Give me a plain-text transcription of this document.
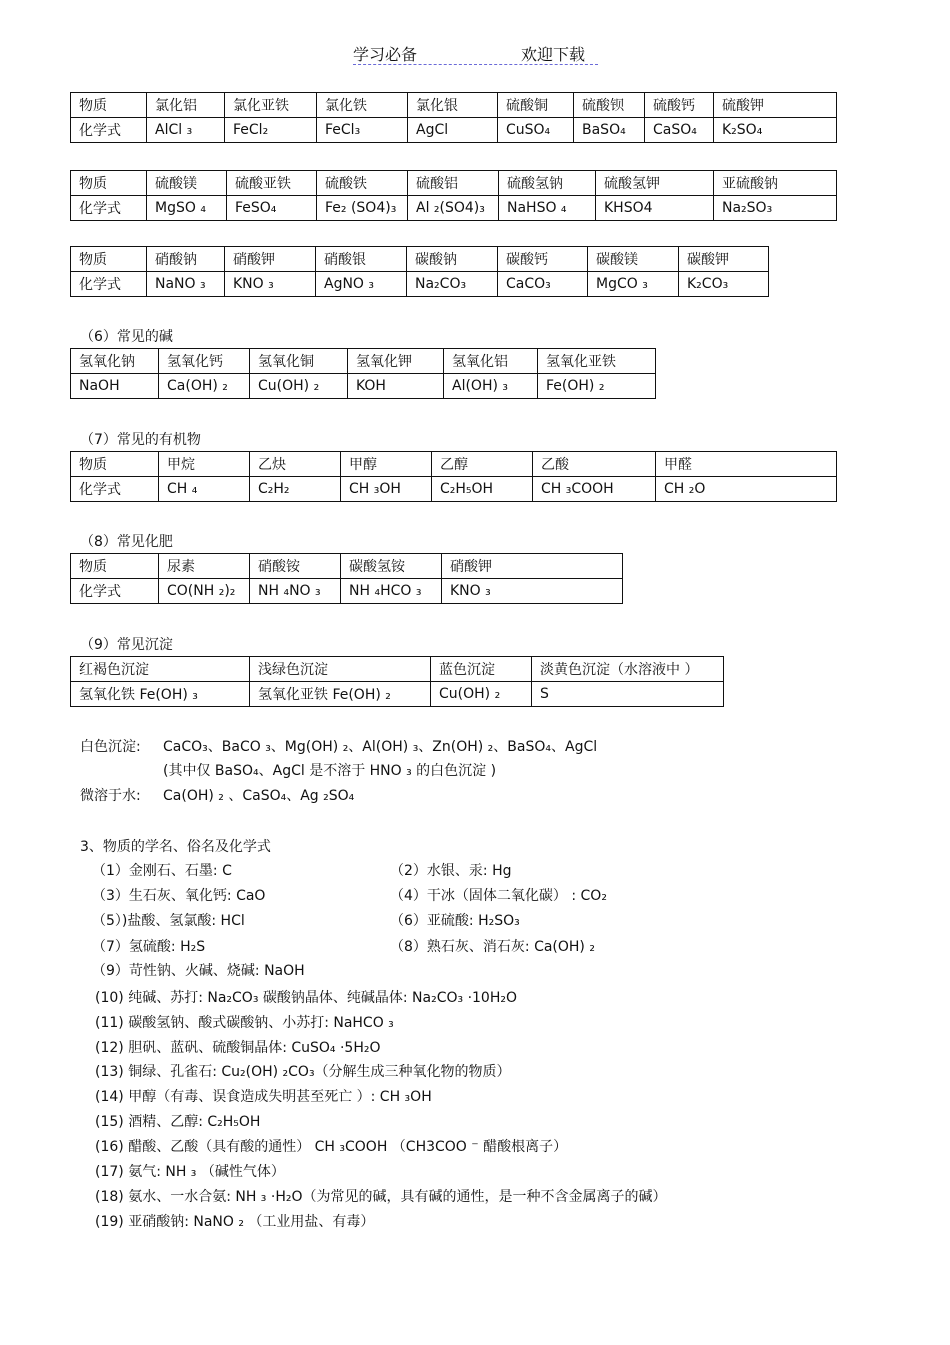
学习必备	欢迎下载
物质	氯化铝	氯化亚铁	氯化铁	氯化银	硫酸铜	硫酸钡	硫酸钙	硫酸钾
化学式	AlCl ₃	FeCl₂	FeCl₃	AgCl	CuSO₄	BaSO₄	CaSO₄	K₂SO₄
物质	硫酸镁	硫酸亚铁	硫酸铁	硫酸铝	硫酸氢钠	硫酸氢钾	亚硫酸钠
化学式	MgSO ₄	FeSO₄	Fe₂ (SO4)₃	Al ₂(SO4)₃	NaHSO ₄	KHSO4	Na₂SO₃
物质	硝酸钠	硝酸钾	硝酸银	碳酸钠	碳酸钙	碳酸镁	碳酸钾
化学式	NaNO ₃	KNO ₃	AgNO ₃	Na₂CO₃	CaCO₃	MgCO ₃	K₂CO₃
（6）常见的碱
氢氧化钠	氢氧化钙	氢氧化铜	氢氧化钾	氢氧化铝	氢氧化亚铁
NaOH	Ca(OH) ₂	Cu(OH) ₂	KOH	Al(OH) ₃	Fe(OH) ₂
（7）常见的有机物
物质	甲烷	乙炔	甲醇	乙醇	乙酸	甲醛
化学式	CH ₄	C₂H₂	CH ₃OH	C₂H₅OH	CH ₃COOH	CH ₂O
（8）常见化肥
物质	尿素	硝酸铵	碳酸氢铵	硝酸钾
化学式	CO(NH ₂)₂	NH ₄NO ₃	NH ₄HCO ₃	KNO ₃
（9）常见沉淀
红褐色沉淀	浅绿色沉淀	蓝色沉淀	淡黄色沉淀（水溶液中 ）
氢氧化铁 Fe(OH) ₃	氢氧化亚铁 Fe(OH) ₂	Cu(OH) ₂	S
白色沉淀: CaCO₃、BaCO ₃、Mg(OH) ₂、Al(OH) ₃、Zn(OH) ₂、BaSO₄、AgCl
(其中仅 BaSO₄、AgCl 是不溶于 HNO ₃ 的白色沉淀 )
微溶于水: Ca(OH) ₂ 、CaSO₄、Ag ₂SO₄
3、物质的学名、俗名及化学式
（1）金刚石、石墨: C	（2）水银、汞: Hg
（3）生石灰、氧化钙: CaO	（4）干冰（固体二氧化碳） : CO₂
（5）)盐酸、氢氯酸: HCl	（6）亚硫酸: H₂SO₃
（7）氢硫酸: H₂S	（8）熟石灰、消石灰: Ca(OH) ₂
（9）苛性钠、火碱、烧碱: NaOH
(10) 纯碱、苏打: Na₂CO₃ 碳酸钠晶体、纯碱晶体: Na₂CO₃ ·10H₂O
(11) 碳酸氢钠、酸式碳酸钠、小苏打: NaHCO ₃
(12) 胆矾、蓝矾、硫酸铜晶体: CuSO₄ ·5H₂O
(13) 铜绿、孔雀石: Cu₂(OH) ₂CO₃（分解生成三种氧化物的物质）
(14) 甲醇（有毒、误食造成失明甚至死亡 ）: CH ₃OH
(15) 酒精、乙醇: C₂H₅OH
(16) 醋酸、乙酸（具有酸的通性） CH ₃COOH （CH3COO ⁻ 醋酸根离子）
(17) 氨气: NH ₃ （碱性气体）
(18) 氨水、一水合氨: NH ₃ ·H₂O（为常见的碱，具有碱的通性，是一种不含金属离子的碱）
(19) 亚硝酸钠: NaNO ₂ （工业用盐、有毒）
